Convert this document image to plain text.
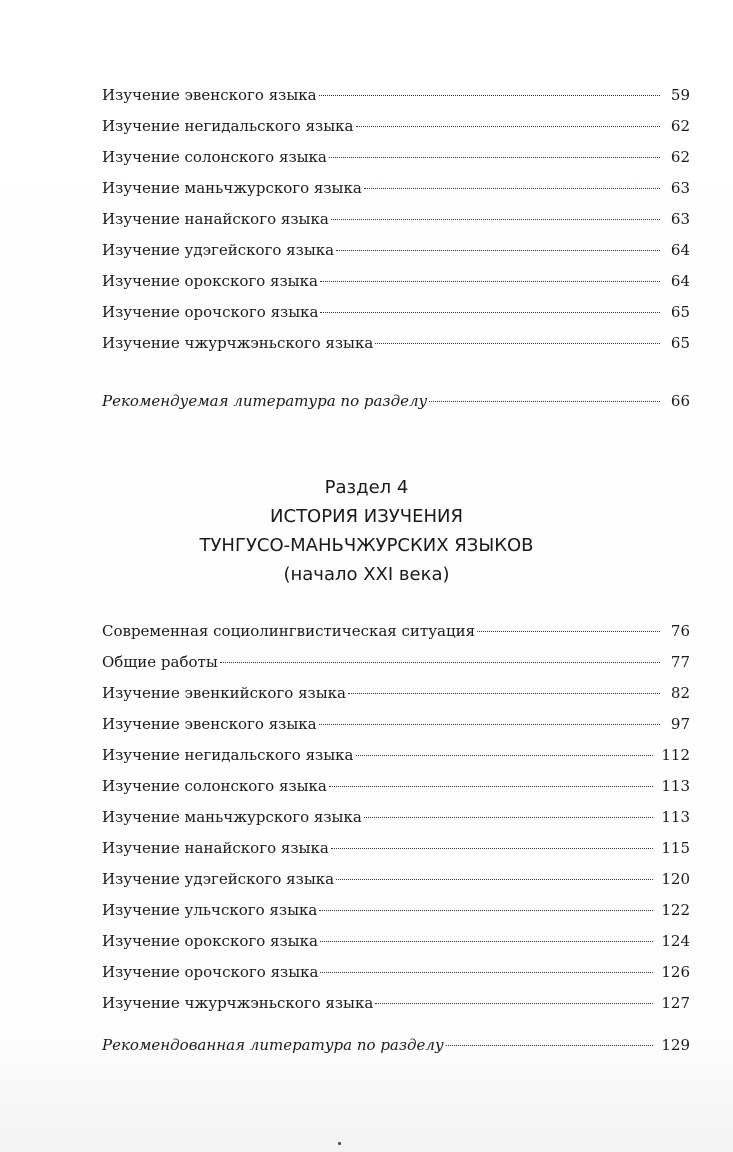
Изучение эвенского языка	59
Изучение негидальского языка	62
Изучение солонского языка	62
Изучение маньчжурского языка	63
Изучение нанайского языка	63
Изучение удэгейского языка	64
Изучение орокского языка	64
Изучение орочского языка	65
Изучение чжурчжэньского языка	65
Рекомендуемая литература по разделу	66
Раздел 4
ИСТОРИЯ ИЗУЧЕНИЯ
ТУНГУСО-МАНЬЧЖУРСКИХ ЯЗЫКОВ
(начало XXI века)
Современная социолингвистическая ситуация	76
Общие работы	77
Изучение эвенкийского языка	82
Изучение эвенского языка	97
Изучение негидальского языка	112
Изучение солонского языка	113
Изучение маньчжурского языка	113
Изучение нанайского языка	115
Изучение удэгейского языка	120
Изучение ульчского языка	122
Изучение орокского языка	124
Изучение орочского языка	126
Изучение чжурчжэньского языка	127
Рекомендованная литература по разделу	129
